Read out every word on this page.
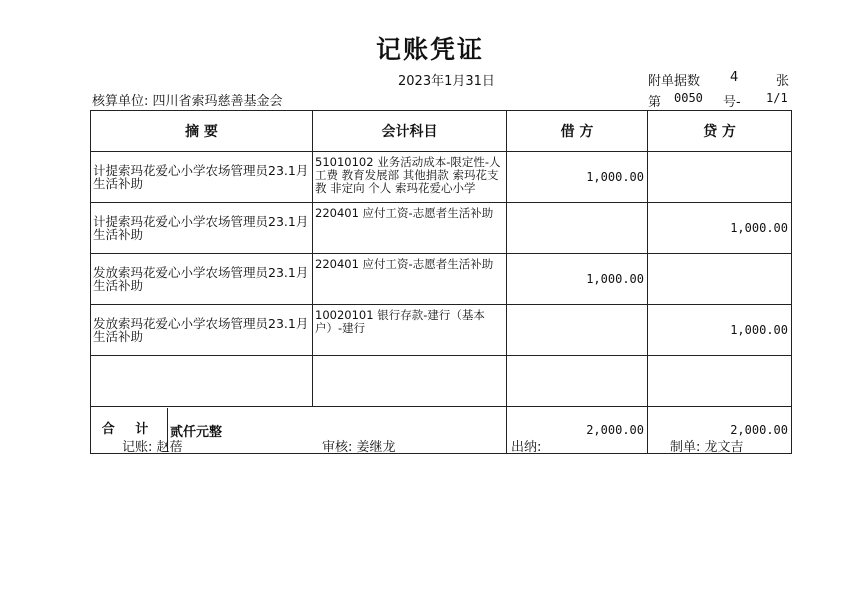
记账凭证
2023年1月31日	附单据数 4	张
核算单位: 四川省索玛慈善基金会	第 0050 号- 1/1
摘 要	会计科目	借 方	贷 方
计提索玛花爱心小学农场管理员23.1月生活补助	51010102 业务活动成本-限定性-人工费 教育发展部 其他捐款 索玛花支教 非定向 个人 索玛花爱心小学	1,000.00	
计提索玛花爱心小学农场管理员23.1月生活补助	220401 应付工资-志愿者生活补助		1,000.00
发放索玛花爱心小学农场管理员23.1月生活补助	220401 应付工资-志愿者生活补助	1,000.00	
发放索玛花爱心小学农场管理员23.1月生活补助	10020101 银行存款-建行（基本户）-建行		1,000.00

合 计 贰仟元整		2,000.00	2,000.00
记账: 赵蓓	审核: 姜继龙	出纳:	制单: 龙文吉
